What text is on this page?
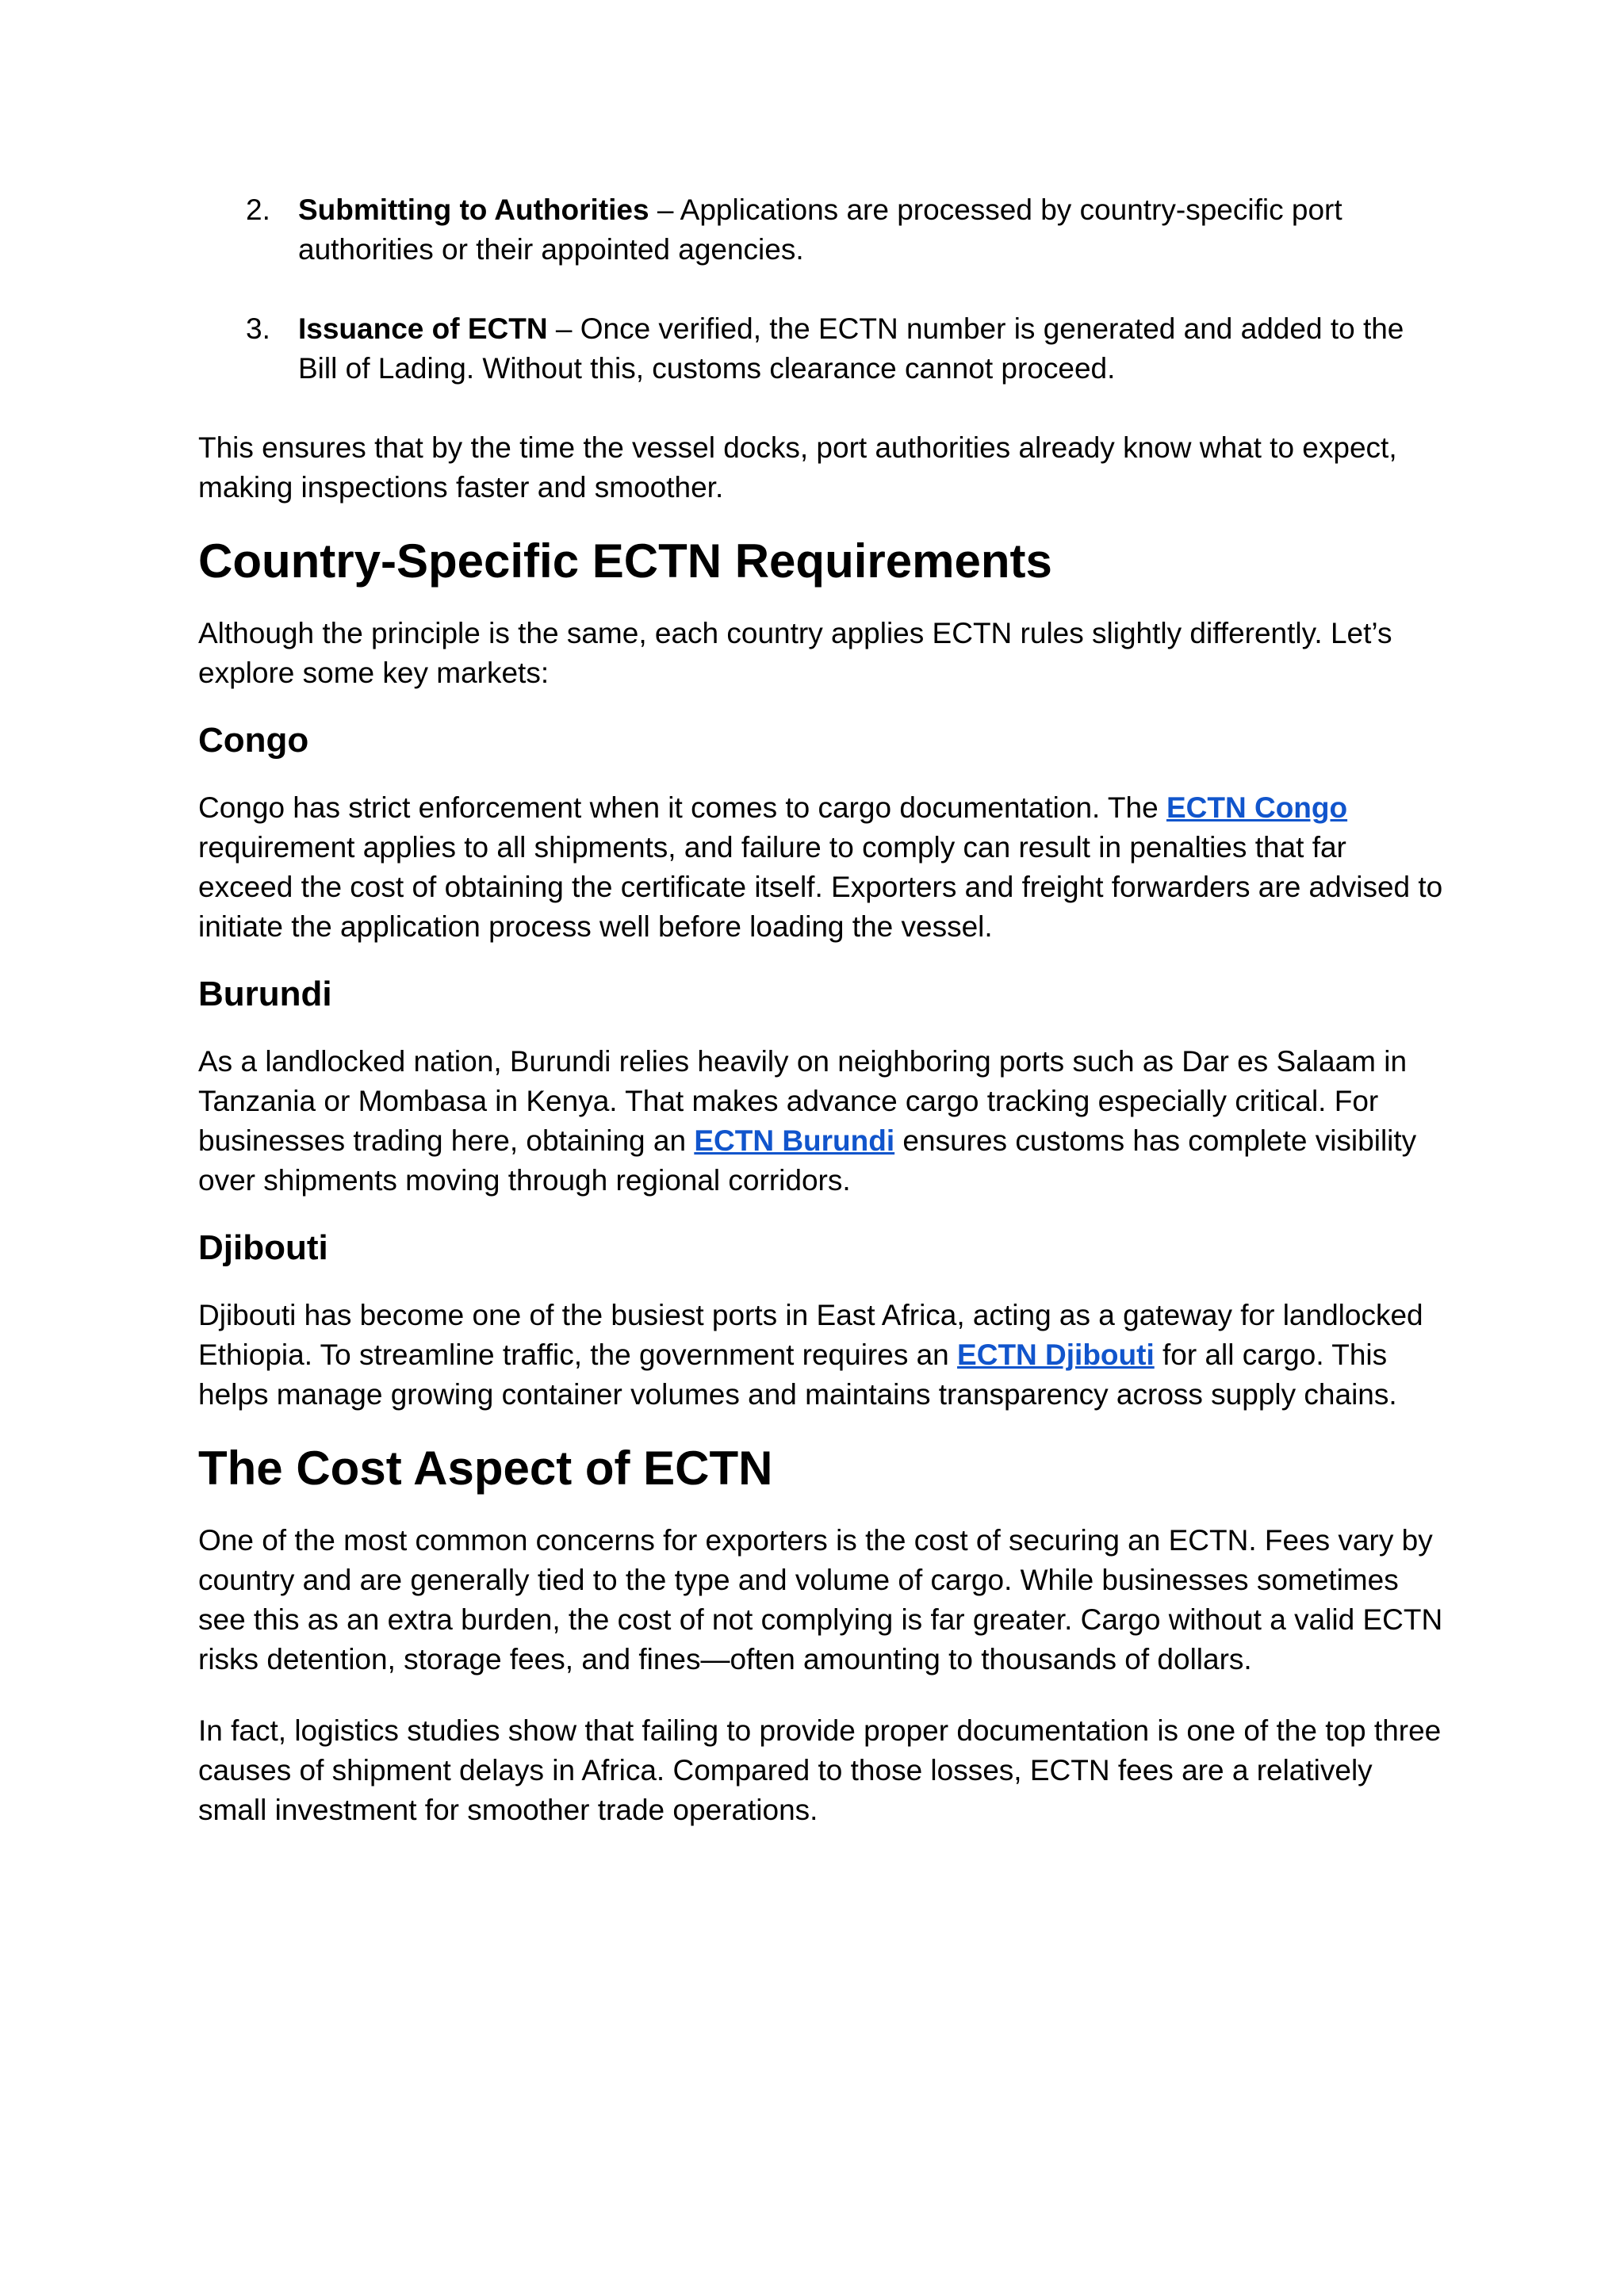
2. Submitting to Authorities – Applications are processed by country-specific port authorities or their appointed agencies.
3. Issuance of ECTN – Once verified, the ECTN number is generated and added to the Bill of Lading. Without this, customs clearance cannot proceed.

This ensures that by the time the vessel docks, port authorities already know what to expect, making inspections faster and smoother.

Country-Specific ECTN Requirements

Although the principle is the same, each country applies ECTN rules slightly differently. Let’s explore some key markets:

Congo

Congo has strict enforcement when it comes to cargo documentation. The ECTN Congo requirement applies to all shipments, and failure to comply can result in penalties that far exceed the cost of obtaining the certificate itself. Exporters and freight forwarders are advised to initiate the application process well before loading the vessel.

Burundi

As a landlocked nation, Burundi relies heavily on neighboring ports such as Dar es Salaam in Tanzania or Mombasa in Kenya. That makes advance cargo tracking especially critical. For businesses trading here, obtaining an ECTN Burundi ensures customs has complete visibility over shipments moving through regional corridors.

Djibouti

Djibouti has become one of the busiest ports in East Africa, acting as a gateway for landlocked Ethiopia. To streamline traffic, the government requires an ECTN Djibouti for all cargo. This helps manage growing container volumes and maintains transparency across supply chains.

The Cost Aspect of ECTN

One of the most common concerns for exporters is the cost of securing an ECTN. Fees vary by country and are generally tied to the type and volume of cargo. While businesses sometimes see this as an extra burden, the cost of not complying is far greater. Cargo without a valid ECTN risks detention, storage fees, and fines—often amounting to thousands of dollars.

In fact, logistics studies show that failing to provide proper documentation is one of the top three causes of shipment delays in Africa. Compared to those losses, ECTN fees are a relatively small investment for smoother trade operations.
